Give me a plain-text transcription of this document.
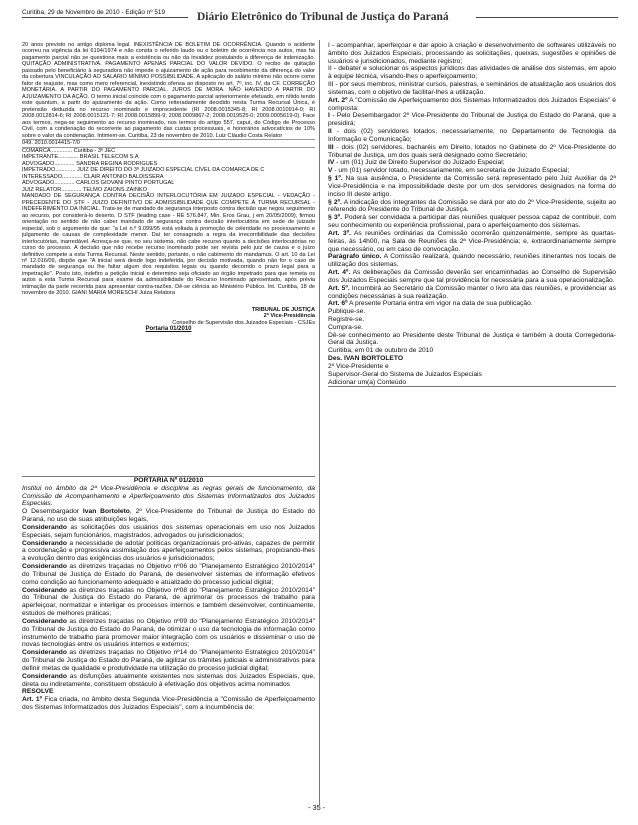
Curitiba, 29 de Novembro de 2010 - Edição nº 519	Diário Eletrônico do Tribunal de Justiça do Paraná

20 anos previsto no antigo diploma legal. INEXISTÊNCIA DE BOLETIM DE OCORRÊNCIA. Quando o acidente ocorreu na vigência da lei 6194/1974 e não consta o referido laudo ou o boletim de ocorrência nos autos, mas há pagamento parcial não se questiona mais a existência ou não da invalidez postulando a diferença de indenização. QUITAÇÃO ADMINISTRATIVA. PAGAMENTO APENAS PARCIAL DO VALOR DEVIDO. O recibo de quitação passado pelo beneficiário à seguradora não impede o ajuizamento de ação para recebimento da diferença do valor da cobertura VINCULAÇÃO AO SALÁRIO MÍNIMO POSSIBILIDADE. A aplicação do salário mínimo não ocorre como fator de reajuste, mas como mero referencial, inexistindo ofensa ao disposto no art. 7º, inc. IV, da CF. CORREÇÃO MONETÁRIA. A PARTIR DO PAGAMENTO PARCIAL. JUROS DE MORA. NÃO HAVENDO A PARTIR DO AJUIZAMENTO DA AÇÃO. O termo inicial coincide com o pagamento parcial anteriormente efetuado, em nítido tendo este quantum, a partir do ajuizamento da ação. Como reiteradamente decidido nesta Turma Recursal Única, é pretensão deduzida no recurso inominado e improcedente (RI 2008.0015345-8; RI 2008.0010914-0; RI 2008.0012814-6; RI 2008.0015121-7; RI 2008.0015899-9; 2008.0009867-2; 2008.0019525-0; 2009.0005619-0). Face aos termos, nega-se seguimento ao recurso inominado, nos termos do artigo 557, caput, do Código de Processo Civil, com a condenação do recorrente ao pagamento das custas processuais, e honorários advocatícios de 10% sobre o valor da condenação. Intimem-se. Curitiba, 23 de novembro de 2010. Luiz Cláudio Costa Relator

049. 2010.0014415-7/0
COMARCA ............. Curitiba - 3º JEC
IMPETRANTE............. BRASIL TELECOM S.A
ADVOGADO............. SANDRA REGINA RODRIGUES
IMPETRADO............. JUIZ DE DIREITO DO 3º JUIZADO ESPECIAL CÍVEL DA COMARCA DE C
INTERESSADO............. CLAIR ANTONIO BALDISSERA
ADVOGADO............. CARLOS GIOVANI PINTO PORTUGAL
JUIZ RELATOR............. TELMO ZAIONS ZAINKO

MANDADO DE SEGURANÇA CONTRA DECISÃO INTERLOCUTÓRIA EM JUIZADO ESPECIAL - VEDAÇÃO - PRECEDENTE DO STF - JUIZO DEFINITIVO DE ADMISSIBILIDADE QUE COMPETE À TURMA RECURSAL - INDEFERIMENTO DA INICIAL. Trata-se de mandado de segurança interposto contra decisão que negou seguimento ao recurso, por considerá-lo deserto. O STF (leading case - RE 576.847, Min. Eros Grau, j em 20/05/2009), firmou orientação no sentido de não caber mandado de segurança contra decisão interlocutória em sede de juizado especial, sob o argumento de que: ''a Lei n.º 9.099/95 está voltada à promoção de celeridade no processamento e julgamento de causas de complexidade menor. Daí ter consagrado a regra da irrecorribilidade das decisões interlocutórias, inarredável. Acresça-se que, no seu sistema, não cabe recurso quanto a decisões interlocutórias no curso do processo. A decisão que não recebe recurso inominado pode ser revista pelo juiz de causa e o juízo definitivo compete a esta Turma Recursal. Neste sentido, portanto, o não cabimento do mandamus. O art. 10 da Lei nº 12.016/09, dispõe que ''A inicial será desde logo indeferida, por decisão motivada, quando não for o caso de mandado de segurança ou lhe faltar algum dos requisitos legais ou quando decorrido o prazo legal para a impetração''. Posto isto, indefiro a petição inicial e determino seja oficiado ao órgão impetrado para que remeta os autos a esta Turma Recursal para exame da admissibilidade do Recurso Inominado apresentado, após prévia intimação da parte recorrida para apresentar contra-razões. Dê-se ciência ao Ministério Público. Int. Curitiba, 18 de novembro de 2010. GIANI MARIA MORESCHI Juiza Relatora

TRIBUNAL DE JUSTIÇA
2ª Vice-Presidência
Conselho de Supervisão dos Juizados Especiais - CSJEs
Portaria 01/2010
PORTARIA Nº 01/2010

Institui no âmbito da 2ª Vice-Presidência e disciplina as regras gerais de funcionamento, da Comissão de Acompanhamento e Aperfeiçoamento dos Sistemas Informatizados dos Juizados Especiais.

O Desembargador Ivan Bortoleto, 2º Vice-Presidente do Tribunal de Justiça do Estado do Paraná, no uso de suas atribuições legais,

Considerando as solicitações dos usuários dos sistemas operacionais em uso nos Juizados Especiais, sejam funcionários, magistrados, advogados ou jurisdicionados;

Considerando a necessidade de adotar políticas organizacionais pró-ativas, capazes de permitir a coordenação e progressiva assimilação dos aperfeiçoamentos pelos sistemas, propiciando-lhes a evolução dentro das exigências dos usuários e jurisdicionados;

Considerando as diretrizes traçadas no Objetivo nº06 do "Planejamento Estratégico 2010/2014" do Tribunal de Justiça do Estado do Paraná, de desenvolver sistemas de informação efetivos como condição ao funcionamento adequado e atualizado do processo judicial digital;

Considerando as diretrizes traçadas no Objetivo nº08 do "Planejamento Estratégico 2010/2014" do Tribunal de Justiça do Estado do Paraná, de aprimorar os processos de trabalho para aperfeiçoar, normatizar e interligar os processos internos e também desenvolver, continuamente, estudos de melhores práticas;

Considerando as diretrizes traçadas no Objetivo nº09 do "Planejamento Estratégico 2010/2014" do Tribunal de Justiça do Estado do Paraná, de otimizar o uso da tecnologia de informação como instrumento de trabalho para promover maior integração com os usuários e disseminar o uso de novas tecnologias entre os usuários internos e externos;

Considerando as diretrizes traçadas no Objetivo nº14 do "Planejamento Estratégico 2010/2014" do Tribunal de Justiça do Estado do Paraná, de agilizar os trâmites judiciais e administrativos para definir metas de qualidade e produtividade na utilização do processo judicial digital;

Considerando as disfunções atualmente existentes nos sistemas dos Juizados Especiais, que, direta ou indiretamente, constituem obstáculo à efetivação dos objetivos acima nominados

RESOLVE

Art. 1º Fica criada, no âmbito desta Segunda Vice-Presidência a "Comissão de Aperfeiçoamento dos Sistemas Informatizados dos Juizados Especiais", com a incumbência de:

I - acompanhar, aperfeiçoar e dar apoio à criação e desenvolvimento de softwares utilizáveis no âmbito dos Juizados Especiais, processando as solicitações, queixas, sugestões e opiniões de usuários e jurisdicionados, mediante registro;

II - debater e solucionar os aspectos jurídicos das atividades de análise dos sistemas, em apoio à equipe técnica, visando-lhes o aperfeiçoamento;

III - por seus membros, ministrar cursos, palestras, e seminários de atualização aos usuários dos sistemas, com o objetivo de facilitar-lhes a utilização.

Art. 2º A "Comissão de Aperfeiçoamento dos Sistemas Informatizados dos Juizados Especiais" é composta:

I - Pelo Desembargador 2º Vice-Presidente do Tribunal de Justiça do Estado do Paraná, que a presidirá;

II - dois (02) servidores lotados, necessariamente, no Departamento de Tecnologia da Informação e Comunicação;

III - dois (02) servidores, bacharéis em Direito, lotados no Gabinete do 2º Vice-Presidente do Tribunal de Justiça, um dos quais será designado como Secretário;

IV - um (01) Juiz de Direito Supervisor do Juizado Especial;

V - um (01) servidor lotado, necessariamente, em secretaria de Juizado Especial;

§ 1º. Na sua ausência, o Presidente da Comissão será representado pelo Juiz Auxiliar da 2ª Vice-Presidência e na impossibilidade deste por um dos servidores designados na forma do inciso III deste artigo.

§ 2º. A indicação dos integrantes da Comissão se dará por ato do 2º Vice-Presidente, sujeito ao referendo do Presidente do Tribunal de Justiça.

§ 3º. Poderá ser convidada a participar das reuniões qualquer pessoa capaz de contribuir, com seu conhecimento ou experiência profissional, para o aperfeiçoamento dos sistemas.

Art. 3º. As reuniões ordinárias da Comissão ocorrerão quinzenalmente, sempre às quartas-feiras, às 14h00, na Sala de Reuniões da 2ª Vice-Presidência; e, extraordinariamente sempre que necessário, ou em caso de convocação.

Parágrafo único. A Comissão realizará, quando necessário, reuniões itinerantes nos locais de utilização dos sistemas.

Art. 4º. As deliberações da Comissão deverão ser encaminhadas ao Conselho de Supervisão dos Juizados Especiais sempre que tal providência for necessária para a sua operacionalização.

Art. 5º. Incumbirá ao Secretário da Comissão manter o livro ata das reuniões, e providenciar as condições necessárias à sua realização.

Art. 6º A presente Portaria entra em vigor na data de sua publicação.

Publique-se.
Registre-se.
Cumpra-se.

Dê-se conhecimento ao Presidente deste Tribunal de Justiça e também à douta Corregedoria-Geral da Justiça.

Curitiba, em 01 de outubro de 2010
Des. IVAN BORTOLETO
2º Vice-Presidente e
Supervisor-Geral do Sistema de Juizados Especiais
Adicionar um(a) Conteúdo
- 35 -
